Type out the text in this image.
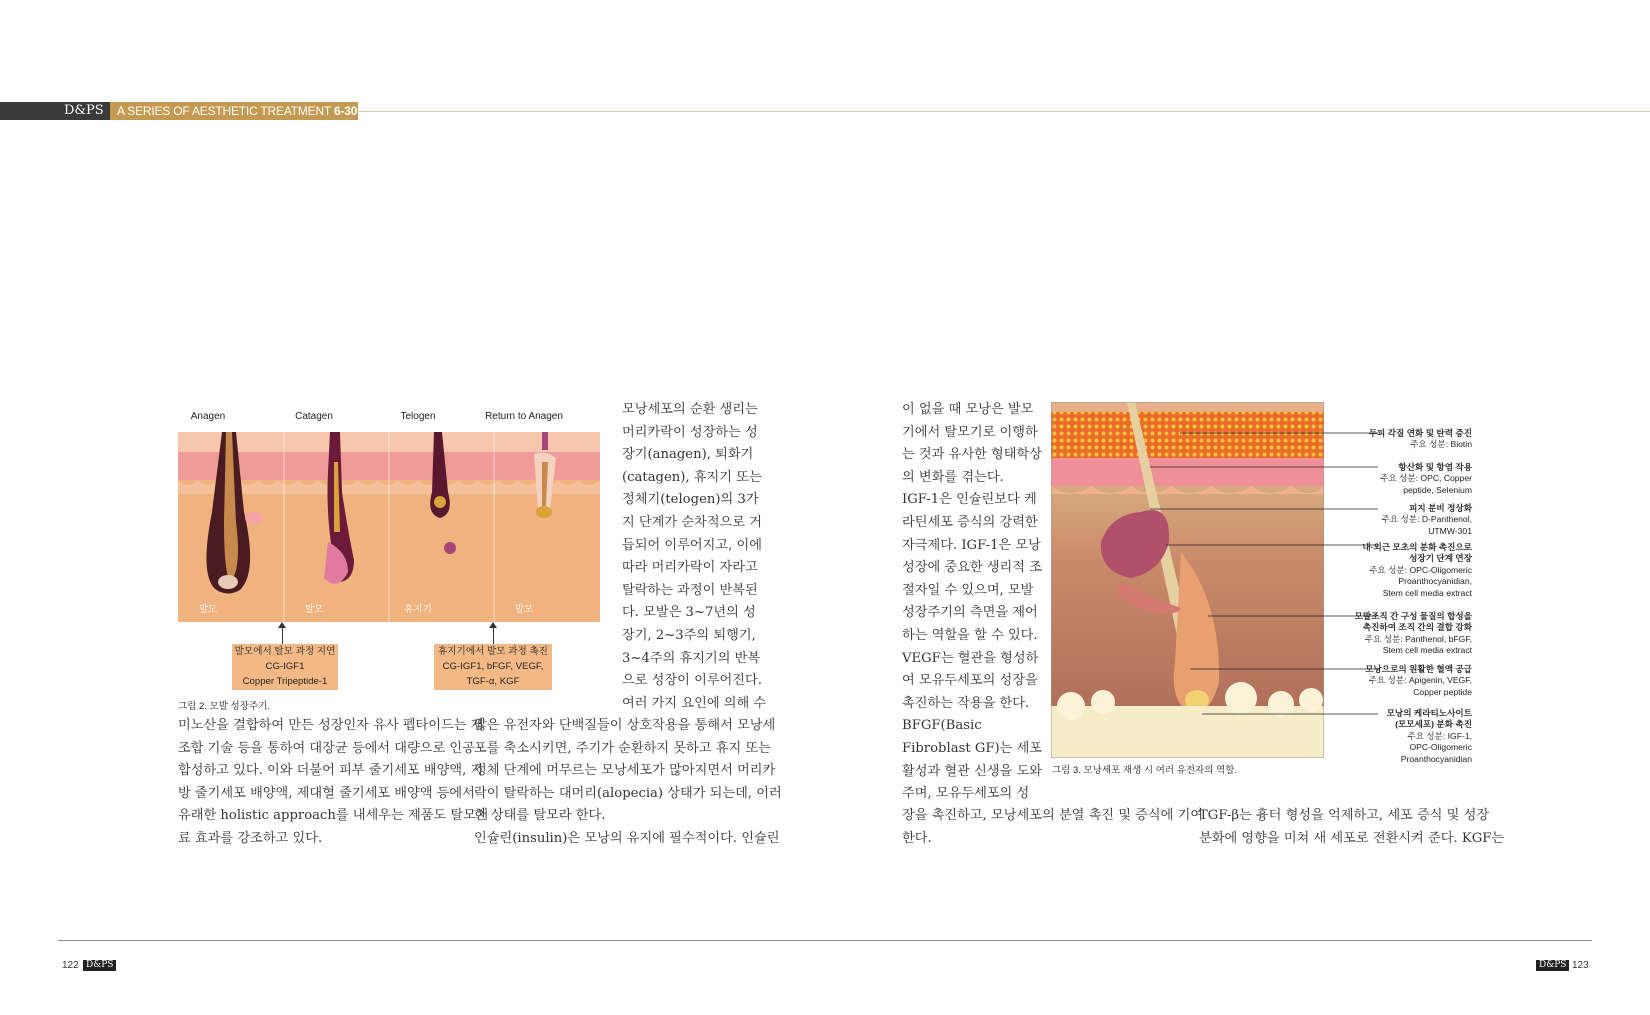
D&PS A SERIES OF AESTHETIC TREATMENT 6-30
Anagen	Catagen	Telogen	Return to Anagen
발모	탈모	휴지기	발모
발모에서 탈모 과정 지연
CG-IGF1
Copper Tripeptide-1
휴지기에서 발모 과정 촉진
CG-IGF1, bFGF, VEGF,
TGF-α, KGF
그림 2. 모발 성장주기.
모낭세포의 순환 생리는
머리카락이 성장하는 성
장기(anagen), 퇴화기
(catagen), 휴지기 또는
정체기(telogen)의 3가
지 단계가 순차적으로 거
듭되어 이루어지고, 이에
따라 머리카락이 자라고
탈락하는 과정이 반복된
다. 모발은 3~7년의 성
장기, 2~3주의 퇴행기,
3~4주의 휴지기의 반복
으로 성장이 이루어진다.
여러 가지 요인에 의해 수
미노산을 결합하여 만든 성장인자 유사 펩타이드는 재
조합 기술 등을 통하여 대장균 등에서 대량으로 인공
합성하고 있다. 이와 더불어 피부 줄기세포 배양액, 지
방 줄기세포 배양액, 제대혈 줄기세포 배양액 등에서
유래한 holistic approach를 내세우는 제품도 탈모치
료 효과를 강조하고 있다.
많은 유전자와 단백질들이 상호작용을 통해서 모낭세
포를 축소시키면, 주기가 순환하지 못하고 휴지 또는
정체 단계에 머무르는 모낭세포가 많아지면서 머리카
락이 탈락하는 대머리(alopecia) 상태가 되는데, 이러
한 상태를 탈모라 한다.
인슐린(insulin)은 모낭의 유지에 필수적이다. 인슐린
이 없을 때 모낭은 발모
기에서 탈모기로 이행하
는 것과 유사한 형태학상
의 변화를 겪는다.
IGF-1은 인슐린보다 케
라틴세포 증식의 강력한
자극제다. IGF-1은 모낭
성장에 중요한 생리적 조
절자일 수 있으며, 모발
성장주기의 측면을 제어
하는 역할을 할 수 있다.
VEGF는 혈관을 형성하
여 모유두세포의 성장을
촉진하는 작용을 한다.
BFGF(Basic
Fibroblast GF)는 세포
활성과 혈관 신생을 도와
주며, 모유두세포의 성
장을 촉진하고, 모낭세포의 분열 촉진 및 증식에 기여
한다.
TGF-β는 흉터 형성을 억제하고, 세포 증식 및 성장
분화에 영향을 미쳐 새 세포로 전환시켜 준다. KGF는
두피 각질 연화 및 탄력 증진
주요 성분: Biotin
항산화 및 항염 작용
주요 성분: OPC, Copper
peptide, Selenium
피지 분비 정상화
주요 성분: D-Panthenol,
UTMW-301
내·외근 모초의 분화 촉진으로
성장기 단계 연장
주요 성분: OPC-Oligomeric
Proanthocyanidian,
Stem cell media extract
모발조직 간 구성 물질의 합성을
촉진하여 조직 간의 결합 강화
주요 성분: Panthenol, bFGF,
Stem cell media extract
모낭으로의 원활한 혈액 공급
주요 성분: Apigenin, VEGF,
Copper peptide
모낭의 케라티노사이트
(모모세포) 분화 촉진
주요 성분: IGF-1,
OPC-Oligomeric
Proanthocyanidian
그림 3. 모낭세포 재생 시 여러 유전자의 역할.
122 D&PS	D&PS 123
